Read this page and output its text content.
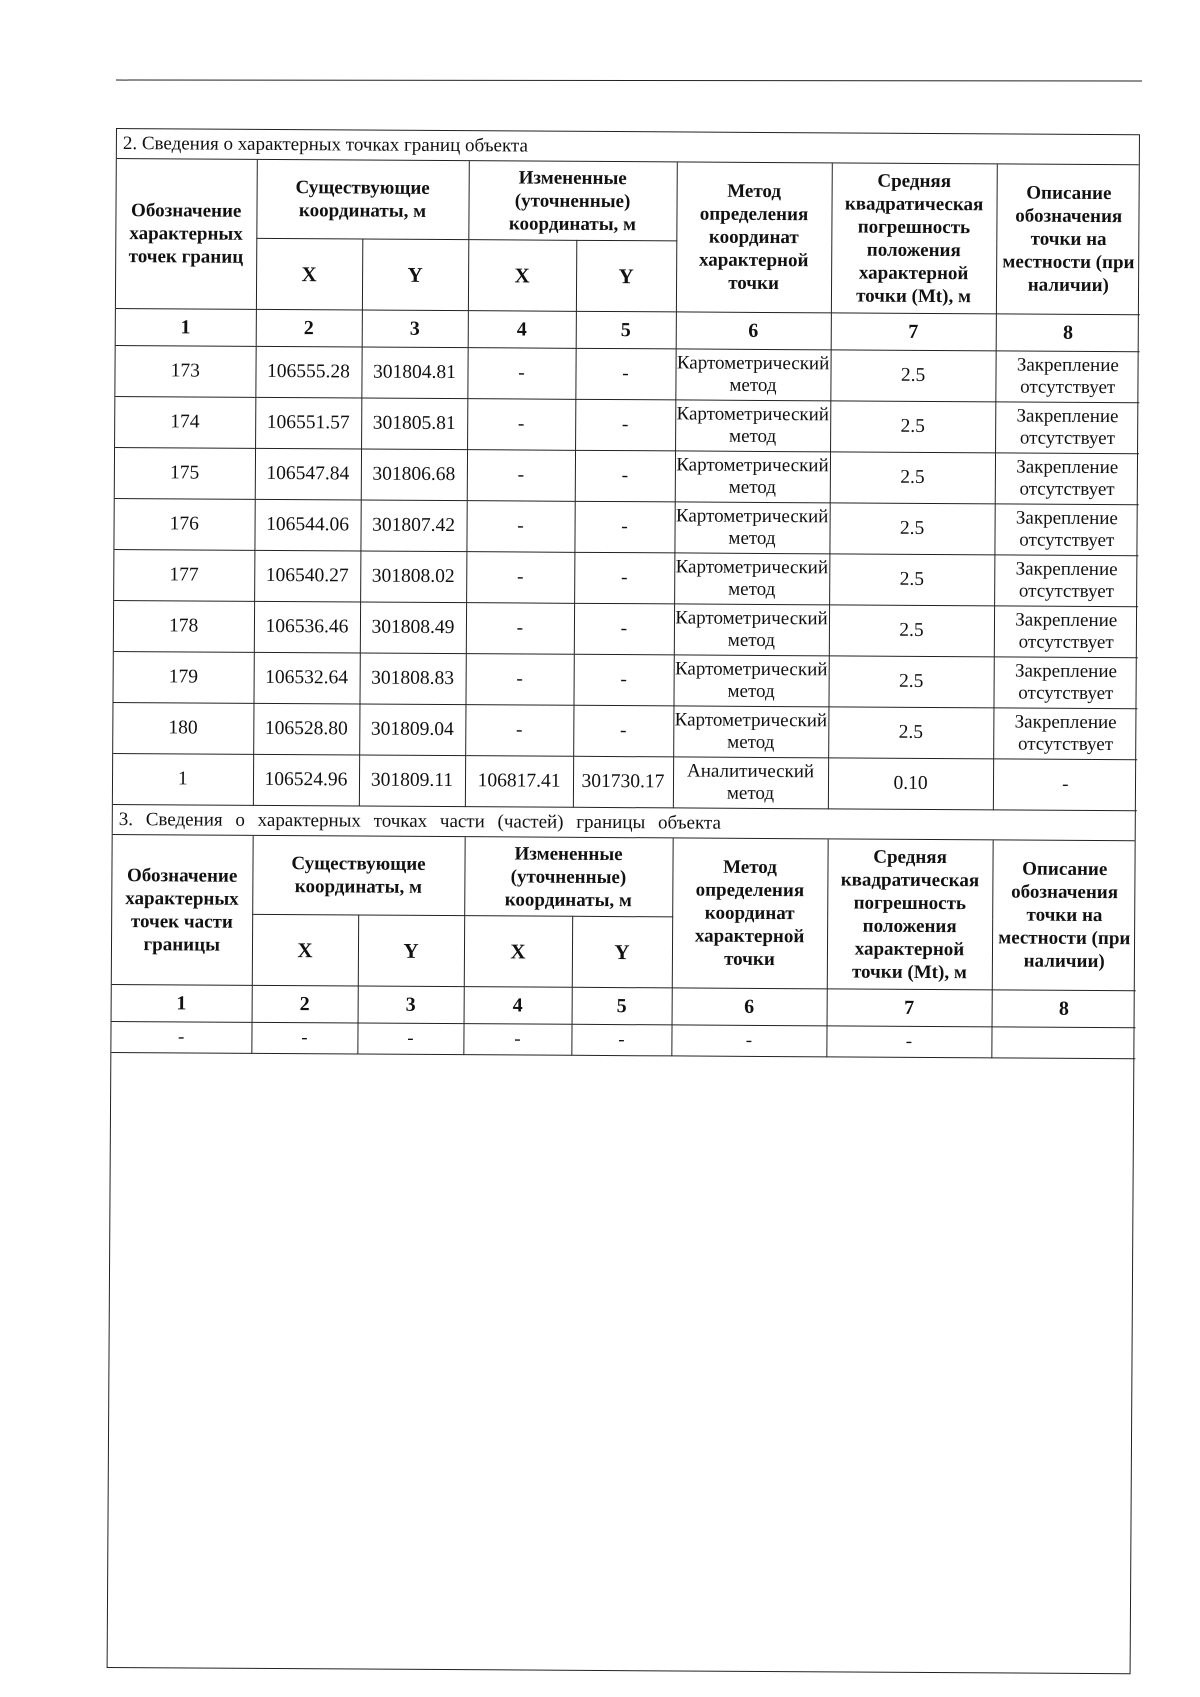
2. Сведения о характерных точках границ объекта
Обозначение характерных точек границ	Существующие координаты, м		Измененные (уточненные) координаты, м		Метод определения координат характерной точки	Средняя квадратическая погрешность положения характерной точки (Mt), м	Описание обозначения точки на местности (при наличии)
	X	Y	X	Y			
1	2	3	4	5	6	7	8
173	106555.28	301804.81	-	-	Картометрический метод	2.5	Закрепление отсутствует
174	106551.57	301805.81	-	-	Картометрический метод	2.5	Закрепление отсутствует
175	106547.84	301806.68	-	-	Картометрический метод	2.5	Закрепление отсутствует
176	106544.06	301807.42	-	-	Картометрический метод	2.5	Закрепление отсутствует
177	106540.27	301808.02	-	-	Картометрический метод	2.5	Закрепление отсутствует
178	106536.46	301808.49	-	-	Картометрический метод	2.5	Закрепление отсутствует
179	106532.64	301808.83	-	-	Картометрический метод	2.5	Закрепление отсутствует
180	106528.80	301809.04	-	-	Картометрический метод	2.5	Закрепление отсутствует
1	106524.96	301809.11	106817.41	301730.17	Аналитический метод	0.10	-
3. Сведения о характерных точках части (частей) границы объекта
Обозначение характерных точек части границы	Существующие координаты, м		Измененные (уточненные) координаты, м		Метод определения координат характерной точки	Средняя квадратическая погрешность положения характерной точки (Mt), м	Описание обозначения точки на местности (при наличии)
	X	Y	X	Y			
1	2	3	4	5	6	7	8
-	-	-	-	-	-	-	
